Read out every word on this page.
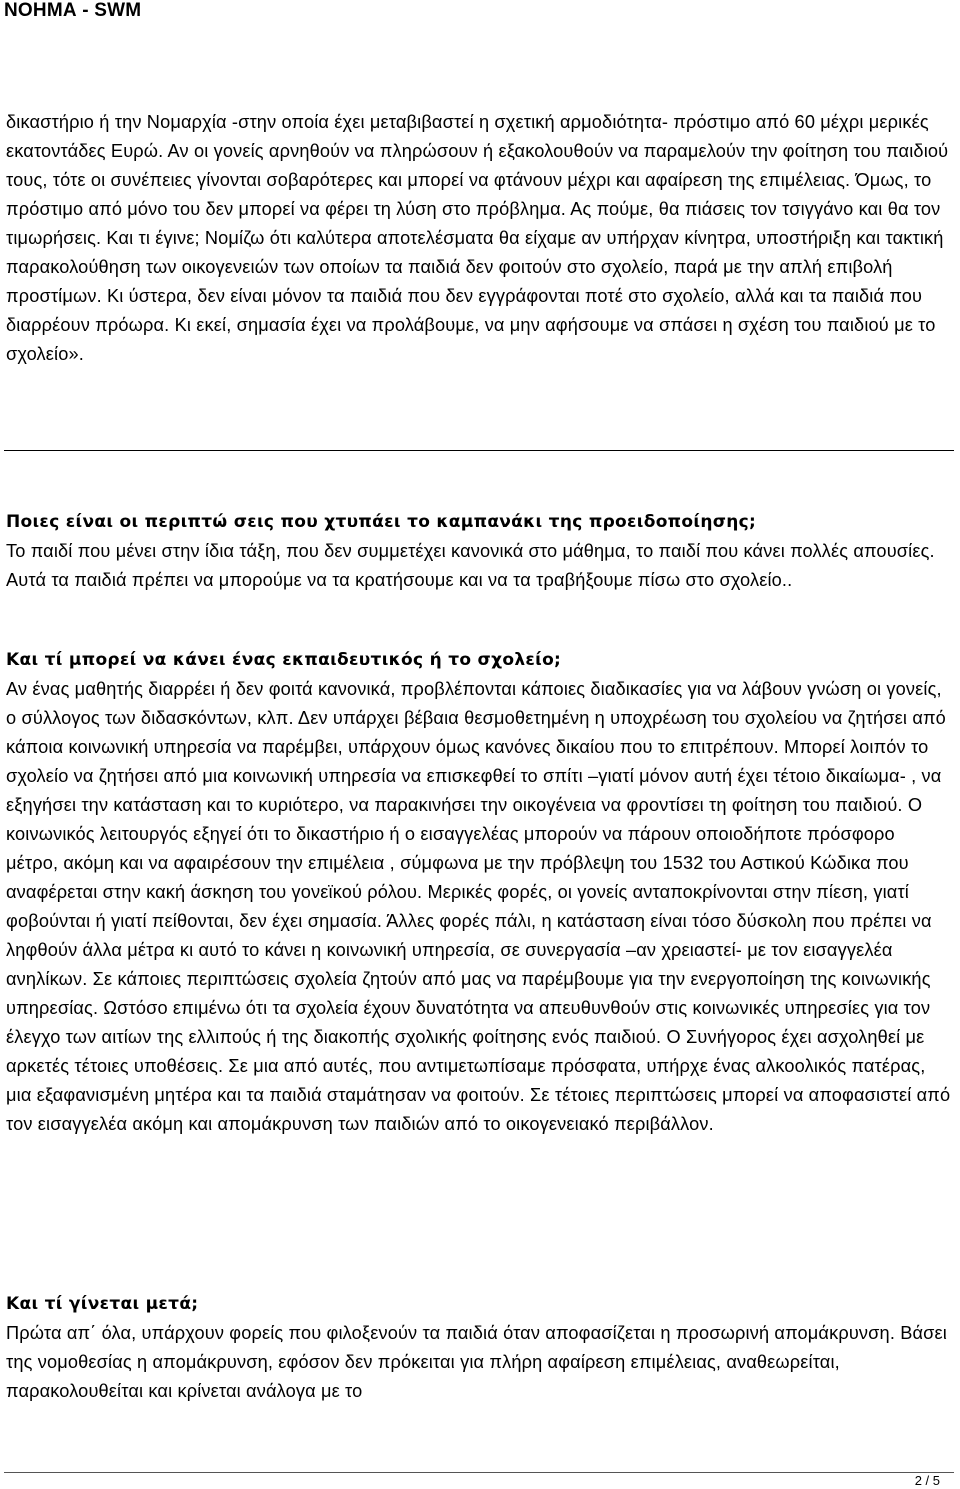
ΝΟΗΜΑ - SWM

δικαστήριο ή την Νομαρχία -στην οποία έχει μεταβιβαστεί η σχετική αρμοδιότητα- πρόστιμο από 60 μέχρι μερικές εκατοντάδες Ευρώ. Αν οι γονείς αρνηθούν να πληρώσουν ή εξακολουθούν να παραμελούν την φοίτηση του παιδιού τους, τότε οι συνέπειες γίνονται σοβαρότερες και μπορεί να φτάνουν μέχρι και αφαίρεση της επιμέλειας. Όμως, το πρόστιμο από μόνο του δεν μπορεί να φέρει τη λύση στο πρόβλημα. Ας πούμε, θα πιάσεις τον τσιγγάνο και θα τον τιμωρήσεις. Και τι έγινε; Νομίζω ότι καλύτερα αποτελέσματα θα είχαμε αν υπήρχαν κίνητρα, υποστήριξη και τακτική παρακολούθηση των οικογενειών των οποίων τα παιδιά δεν φοιτούν στο σχολείο, παρά με την απλή επιβολή προστίμων. Κι ύστερα, δεν είναι μόνον τα παιδιά που δεν εγγράφονται ποτέ στο σχολείο, αλλά και τα παιδιά που διαρρέουν πρόωρα. Κι εκεί, σημασία έχει να προλάβουμε, να μην αφήσουμε να σπάσει η σχέση του παιδιού με το σχολείο».

Ποιες είναι οι περιπτώ σεις που χτυπάει το καμπανάκι της προειδοποίησης;

Το παιδί που μένει στην ίδια τάξη, που δεν συμμετέχει κανονικά στο μάθημα, το παιδί που κάνει πολλές απουσίες. Αυτά τα παιδιά πρέπει να μπορούμε να τα κρατήσουμε και να τα τραβήξουμε πίσω στο σχολείο..

Και τί μπορεί να κάνει ένας εκπαιδευτικός ή το σχολείο;

Αν ένας μαθητής διαρρέει ή δεν φοιτά κανονικά, προβλέπονται κάποιες διαδικασίες για να λάβουν γνώση οι γονείς, ο σύλλογος των διδασκόντων, κλπ. Δεν υπάρχει βέβαια θεσμοθετημένη η υποχρέωση του σχολείου να ζητήσει από κάποια κοινωνική υπηρεσία να παρέμβει, υπάρχουν όμως κανόνες δικαίου που το επιτρέπουν. Μπορεί λοιπόν το σχολείο να ζητήσει από μια κοινωνική υπηρεσία να επισκεφθεί το σπίτι –γιατί μόνον αυτή έχει τέτοιο δικαίωμα- , να εξηγήσει την κατάσταση και το κυριότερο, να παρακινήσει την οικογένεια να φροντίσει τη φοίτηση του παιδιού. Ο κοινωνικός λειτουργός εξηγεί ότι το δικαστήριο ή ο εισαγγελέας μπορούν να πάρουν οποιοδήποτε πρόσφορο μέτρο, ακόμη και να αφαιρέσουν την επιμέλεια , σύμφωνα με την πρόβλεψη του 1532 του Αστικού Κώδικα που αναφέρεται στην κακή άσκηση του γονεϊκού ρόλου. Μερικές φορές, οι γονείς ανταποκρίνονται στην πίεση, γιατί φοβούνται ή γιατί πείθονται, δεν έχει σημασία. Άλλες φορές πάλι, η κατάσταση είναι τόσο δύσκολη που πρέπει να ληφθούν άλλα μέτρα κι αυτό το κάνει η κοινωνική υπηρεσία, σε συνεργασία –αν χρειαστεί- με τον εισαγγελέα ανηλίκων. Σε κάποιες περιπτώσεις σχολεία ζητούν από μας να παρέμβουμε για την ενεργοποίηση της κοινωνικής υπηρεσίας. Ωστόσο επιμένω ότι τα σχολεία έχουν δυνατότητα να απευθυνθούν στις κοινωνικές υπηρεσίες για τον έλεγχο των αιτίων της ελλιπούς ή της διακοπής σχολικής φοίτησης ενός παιδιού. Ο Συνήγορος έχει ασχοληθεί με αρκετές τέτοιες υποθέσεις. Σε μια από αυτές, που αντιμετωπίσαμε πρόσφατα, υπήρχε ένας αλκοολικός πατέρας, μια εξαφανισμένη μητέρα και τα παιδιά σταμάτησαν να φοιτούν. Σε τέτοιες περιπτώσεις μπορεί να αποφασιστεί από τον εισαγγελέα ακόμη και απομάκρυνση των παιδιών από το οικογενειακό περιβάλλον.

Και τί γίνεται μετά;

Πρώτα απ΄ όλα, υπάρχουν φορείς που φιλοξενούν τα παιδιά όταν αποφασίζεται η προσωρινή απομάκρυνση. Βάσει της νομοθεσίας η απομάκρυνση, εφόσον δεν πρόκειται για πλήρη αφαίρεση επιμέλειας, αναθεωρείται, παρακολουθείται και κρίνεται ανάλογα με το

2 / 5
